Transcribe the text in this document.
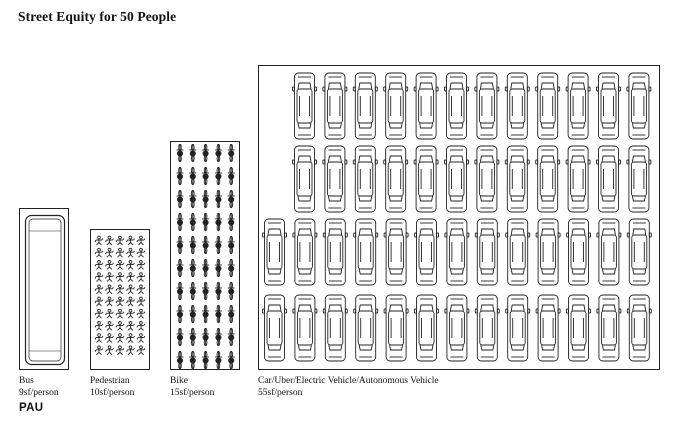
Street Equity for 50 People
Bus
9sf/person
Pedestrian
10sf/person
Bike
15sf/person
Car/Uber/Electric Vehicle/Autonomous Vehicle
55sf/person
PAU
